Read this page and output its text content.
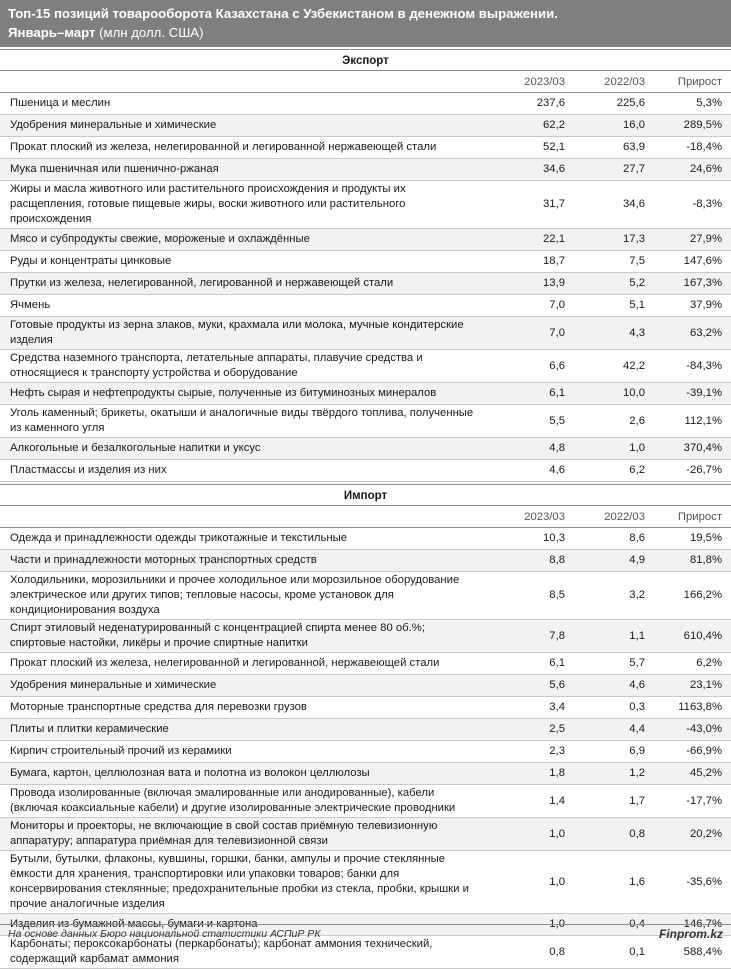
Топ-15 позиций товарооборота Казахстана с Узбекистаном в денежном выражении.
Январь–март (млн долл. США)
Экспорт
	2023/03	2022/03	Прирост
Пшеница и меслин	237,6	225,6	5,3%
Удобрения минеральные и химические	62,2	16,0	289,5%
Прокат плоский из железа, нелегированной и легированной нержавеющей стали	52,1	63,9	-18,4%
Мука пшеничная или пшенично-ржаная	34,6	27,7	24,6%
Жиры и масла животного или растительного происхождения и продукты их расщепления, готовые пищевые жиры, воски животного или растительного происхождения	31,7	34,6	-8,3%
Мясо и субпродукты свежие, мороженые и охлаждённые	22,1	17,3	27,9%
Руды и концентраты цинковые	18,7	7,5	147,6%
Прутки из железа, нелегированной, легированной и нержавеющей стали	13,9	5,2	167,3%
Ячмень	7,0	5,1	37,9%
Готовые продукты из зерна злаков, муки, крахмала или молока, мучные кондитерские изделия	7,0	4,3	63,2%
Средства наземного транспорта, летательные аппараты, плавучие средства и относящиеся к транспорту устройства и оборудование	6,6	42,2	-84,3%
Нефть сырая и нефтепродукты сырые, полученные из битуминозных минералов	6,1	10,0	-39,1%
Уголь каменный; брикеты, окатыши и аналогичные виды твёрдого топлива, полученные из каменного угля	5,5	2,6	112,1%
Алкогольные и безалкогольные напитки и уксус	4,8	1,0	370,4%
Пластмассы и изделия из них	4,6	6,2	-26,7%
Импорт
	2023/03	2022/03	Прирост
Одежда и принадлежности одежды трикотажные и текстильные	10,3	8,6	19,5%
Части и принадлежности моторных транспортных средств	8,8	4,9	81,8%
Холодильники, морозильники и прочее холодильное или морозильное оборудование электрическое или других типов; тепловые насосы, кроме установок для кондиционирования воздуха	8,5	3,2	166,2%
Спирт этиловый неденатурированный с концентрацией спирта менее 80 об.%; спиртовые настойки, ликёры и прочие спиртные напитки	7,8	1,1	610,4%
Прокат плоский из железа, нелегированной и легированной, нержавеющей стали	6,1	5,7	6,2%
Удобрения минеральные и химические	5,6	4,6	23,1%
Моторные транспортные средства для перевозки грузов	3,4	0,3	1163,8%
Плиты и плитки керамические	2,5	4,4	-43,0%
Кирпич строительный прочий из керамики	2,3	6,9	-66,9%
Бумага, картон, целлюлозная вата и полотна из волокон целлюлозы	1,8	1,2	45,2%
Провода изолированные (включая эмалированные или анодированные), кабели (включая коаксиальные кабели) и другие изолированные электрические проводники	1,4	1,7	-17,7%
Мониторы и проекторы, не включающие в свой состав приёмную телевизионную аппаратуру; аппаратура приёмная для телевизионной связи	1,0	0,8	20,2%
Бутыли, бутылки, флаконы, кувшины, горшки, банки, ампулы и прочие стеклянные ёмкости для хранения, транспортировки или упаковки товаров; банки для консервирования стеклянные; предохранительные пробки из стекла, пробки, крышки и прочие аналогичные изделия	1,0	1,6	-35,6%
Изделия из бумажной массы, бумаги и картона	1,0	0,4	146,7%
Карбонаты; пероксокарбонаты (перкарбонаты); карбонат аммония технический, содержащий карбамат аммония	0,8	0,1	588,4%
На основе данных Бюро национальной статистики АСПиР РК	Finprom.kz
